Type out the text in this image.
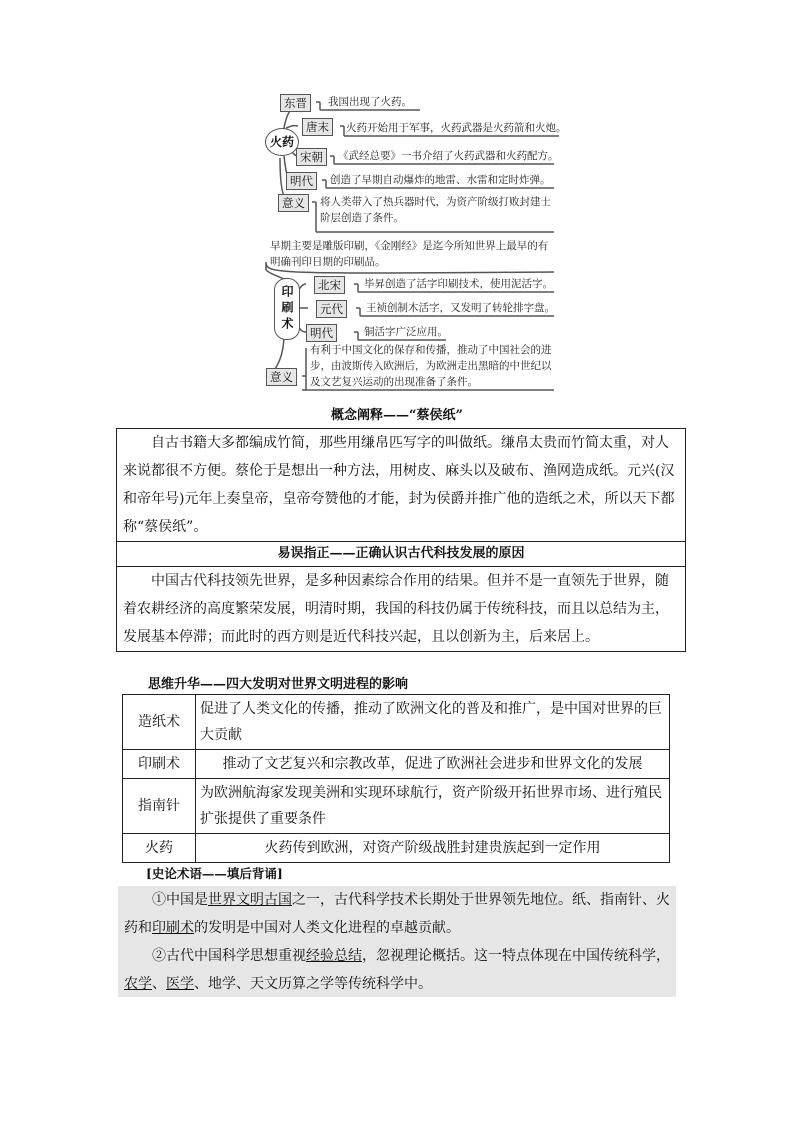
火药
东晋	我国出现了火药。
唐末	火药开始用于军事，火药武器是火药箭和火炮。
宋朝	《武经总要》一书介绍了火药武器和火药配方。
明代	创造了早期自动爆炸的地雷、水雷和定时炸弹。
意义	将人类带入了热兵器时代，为资产阶级打败封建士阶层创造了条件。
早期主要是雕版印刷，《金刚经》是迄今所知世界上最早的有明确刊印日期的印刷品。
印刷术	北宋	毕昇创造了活字印刷技术，使用泥活字。
元代	王祯创制木活字，又发明了转轮排字盘。
明代	铜活字广泛应用。
意义
有利于中国文化的保存和传播，推动了中国社会的进步，由波斯传入欧洲后，为欧洲走出黑暗的中世纪以及文艺复兴运动的出现准备了条件。
概念阐释——“蔡侯纸”

自古书籍大多都编成竹简，那些用缣帛匹写字的叫做纸。缣帛太贵而竹简太重，对人来说都很不方便。蔡伦于是想出一种方法，用树皮、麻头以及破布、渔网造成纸。元兴(汉和帝年号)元年上奏皇帝，皇帝夸赞他的才能，封为侯爵并推广他的造纸之术，所以天下都称“蔡侯纸”。

易误指正——正确认识古代科技发展的原因

中国古代科技领先世界，是多种因素综合作用的结果。但并不是一直领先于世界，随着农耕经济的高度繁荣发展，明清时期，我国的科技仍属于传统科技，而且以总结为主，发展基本停滞；而此时的西方则是近代科技兴起，且以创新为主，后来居上。

思维升华——四大发明对世界文明进程的影响
造纸术	促进了人类文化的传播，推动了欧洲文化的普及和推广，是中国对世界的巨大贡献
印刷术	推动了文艺复兴和宗教改革，促进了欧洲社会进步和世界文化的发展
指南针	为欧洲航海家发现美洲和实现环球航行，资产阶级开拓世界市场、进行殖民扩张提供了重要条件
火药	火药传到欧洲，对资产阶级战胜封建贵族起到一定作用
[史论术语——填后背诵]

①中国是世界文明古国之一，古代科学技术长期处于世界领先地位。纸、指南针、火药和印刷术的发明是中国对人类文化进程的卓越贡献。

②古代中国科学思想重视经验总结，忽视理论概括。这一特点体现在中国传统科学，农学、医学、地学、天文历算之学等传统科学中。
